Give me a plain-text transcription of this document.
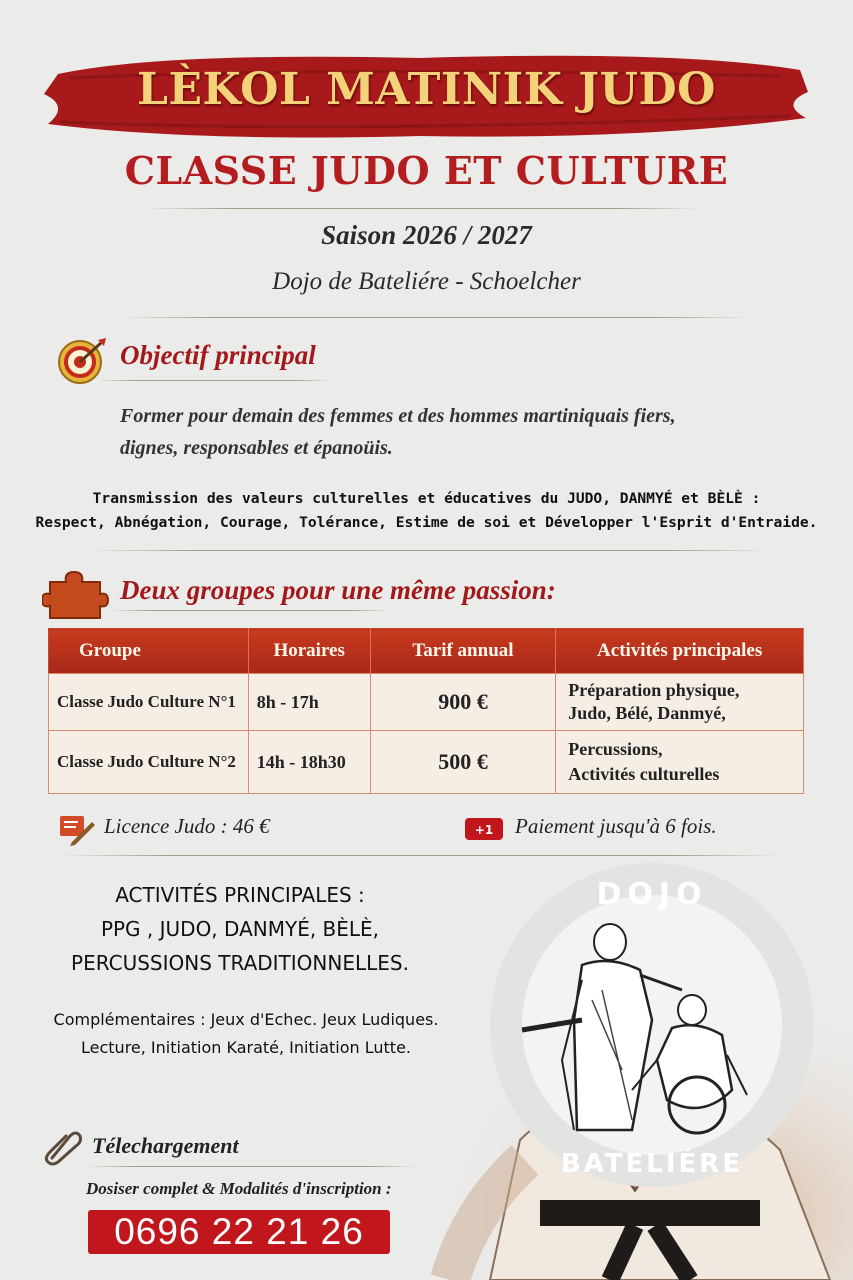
DOJO
BATELIÉRE
LÈKOL MATINIK JUDO
CLASSE JUDO ET CULTURE
Saison 2026 / 2027
Dojo de Bateliére - Schoelcher
Objectif principal
Former pour demain des femmes et des hommes martiniquais fiers,
dignes, responsables et épanoüis.
Transmission des valeurs culturelles et éducatives du JUDO, DANMYÉ et BÈLÈ :
Respect, Abnégation, Courage, Tolérance, Estime de soi et Développer l'Esprit d'Entraide.
Deux groupes pour une même passion:
Groupe	Horaires	Tarif annual	Activités principales
Classe Judo Culture N°1	8h - 17h	900 €	Préparation physique,
Judo, Bélé, Danmyé,

Classe Judo Culture N°2	14h - 18h30	500 €	Percussions,
Activités culturelles
Licence Judo : 46 €	+1 Paiement jusqu'à 6 fois.
ACTIVITÉS PRINCIPALES :
PPG , JUDO, DANMYÉ, BÈLÈ,
PERCUSSIONS TRADITIONNELLES.
Complémentaires : Jeux d'Echec. Jeux Ludiques.
Lecture, Initiation Karaté, Initiation Lutte.
Télechargement
Dosiser complet & Modalités d'inscription :
0696 22 21 26
